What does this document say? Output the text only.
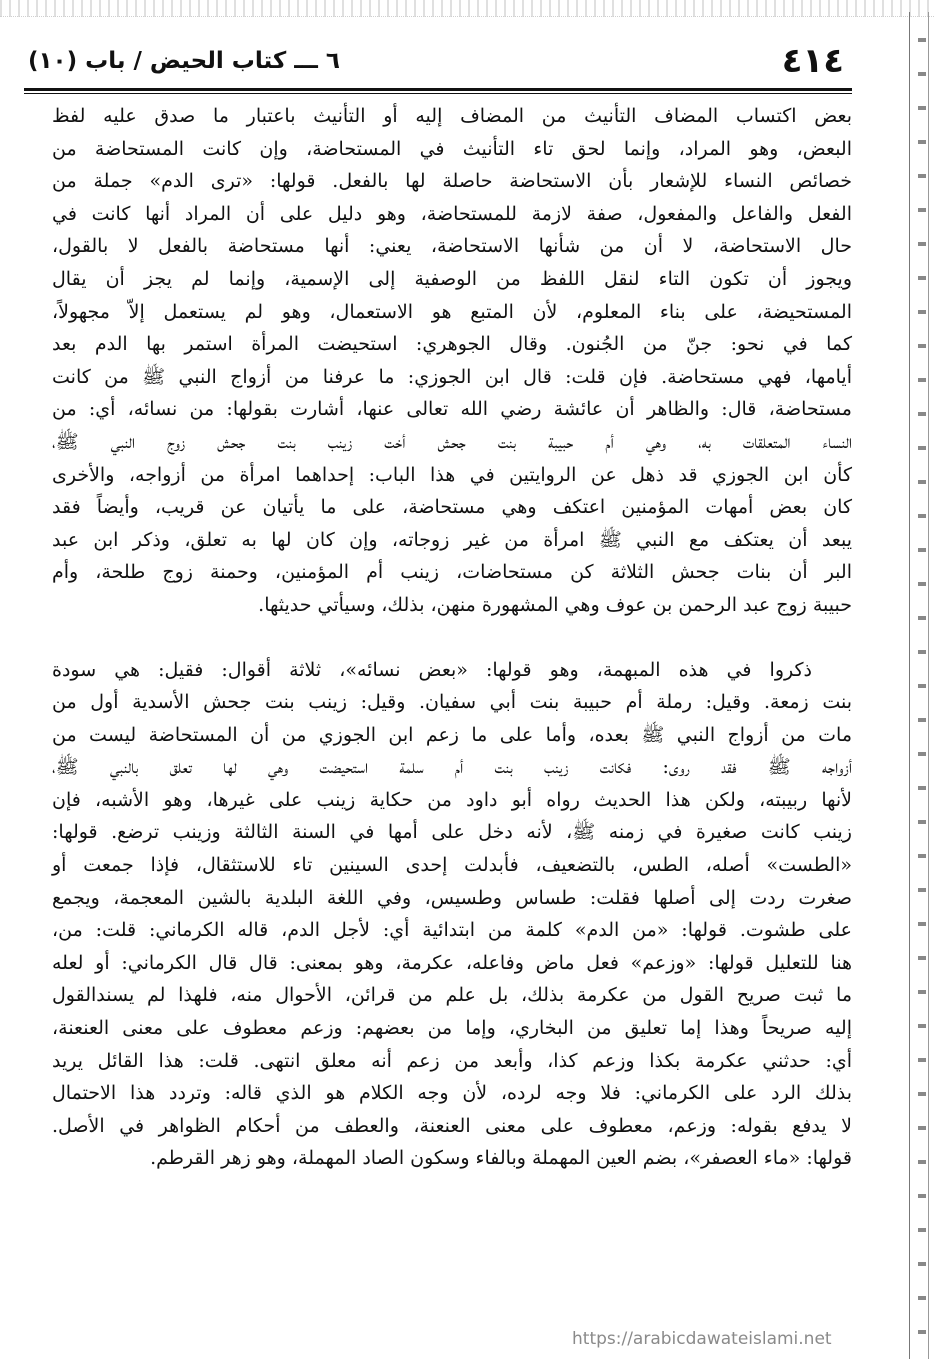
٤١٤
٦ ـــ كتاب الحيض / باب (١٠)

بعض اكتساب المضاف التأنيث من المضاف إليه أو التأنيث باعتبار ما صدق عليه لفظ
البعض، وهو المراد، وإنما لحق تاء التأنيث في المستحاضة، وإن كانت المستحاضة من
خصائص النساء للإشعار بأن الاستحاضة حاصلة لها بالفعل. قولها: «ترى الدم» جملة من
الفعل والفاعل والمفعول، صفة لازمة للمستحاضة، وهو دليل على أن المراد أنها كانت في
حال الاستحاضة، لا أن من شأنها الاستحاضة، يعني: أنها مستحاضة بالفعل لا بالقول،
ويجوز أن تكون التاء لنقل اللفظ من الوصفية إلى الإسمية، وإنما لم يجز أن يقال
المستحيضة، على بناء المعلوم، لأن المتبع هو الاستعمال، وهو لم يستعمل إلاّ مجهولاً،
كما في نحو: جنّ من الجُنون. وقال الجوهري: استحيضت المرأة استمر بها الدم بعد
أيامها، فهي مستحاضة. فإن قلت: قال ابن الجوزي: ما عرفنا من أزواج النبي ﷺ من كانت
مستحاضة، قال: والظاهر أن عائشة رضي الله تعالى عنها، أشارت بقولها: من نسائه، أي: من
النساء المتعلقات به، وهي أم حبيبة بنت جحش أخت زينب بنت جحش زوج النبي ﷺ،
كأن ابن الجوزي قد ذهل عن الروايتين في هذا الباب: إحداهما امرأة من أزواجه، والأخرى
كان بعض أمهات المؤمنين اعتكف وهي مستحاضة، على ما يأتيان عن قريب، وأيضاً فقد
يبعد أن يعتكف مع النبي ﷺ امرأة من غير زوجاته، وإن كان لها به تعلق، وذكر ابن عبد
البر أن بنات جحش الثلاثة كن مستحاضات، زينب أم المؤمنين، وحمنة زوج طلحة، وأم
حبيبة زوج عبد الرحمن بن عوف وهي المشهورة منهن، بذلك، وسيأتي حديثها.

ذكروا في هذه المبهمة، وهو قولها: «بعض نسائه»، ثلاثة أقوال: فقيل: هي سودة
بنت زمعة. وقيل: رملة أم حبيبة بنت أبي سفيان. وقيل: زينب بنت جحش الأسدية أول من
مات من أزواج النبي ﷺ بعده، وأما على ما زعم ابن الجوزي من أن المستحاضة ليست من
أزواجه ﷺ فقد روى: فكانت زينب بنت أم سلمة استحيضت وهي لها تعلق بالنبي ﷺ،
لأنها ربيبته، ولكن هذا الحديث رواه أبو داود من حكاية زينب على غيرها، وهو الأشبه، فإن
زينب كانت صغيرة في زمنه ﷺ، لأنه دخل على أمها في السنة الثالثة وزينب ترضع. قولها:
«الطست» أصله، الطس، بالتضعيف، فأبدلت إحدى السينين تاء للاستثقال، فإذا جمعت أو
صغرت ردت إلى أصلها فقلت: طساس وطسيس، وفي اللغة البلدية بالشين المعجمة، ويجمع
على طشوت. قولها: «من الدم» كلمة من ابتدائية أي: لأجل الدم، قاله الكرماني: قلت: من،
هنا للتعليل قولها: «وزعم» فعل ماض وفاعله، عكرمة، وهو بمعنى: قال قال الكرماني: أو لعله
ما ثبت صريح القول من عكرمة بذلك، بل علم من قرائن، الأحوال منه، فلهذا لم يسندالقول
إليه صريحاً وهذا إما تعليق من البخاري، وإما من بعضهم: وزعم معطوف على معنى العنعنة،
أي: حدثني عكرمة بكذا وزعم كذا، وأبعد من زعم أنه معلق انتهى. قلت: هذا القائل يريد
بذلك الرد على الكرماني: فلا وجه لرده، لأن وجه الكلام هو الذي قاله: وتردد هذا الاحتمال
لا يدفع بقوله: وزعم، معطوف على معنى العنعنة، والعطف من أحكام الظواهر في الأصل.
قولها: «ماء العصفر»، بضم العين المهملة وبالفاء وسكون الصاد المهملة، وهو زهر القرطم.

https://arabicdawateislami.net
